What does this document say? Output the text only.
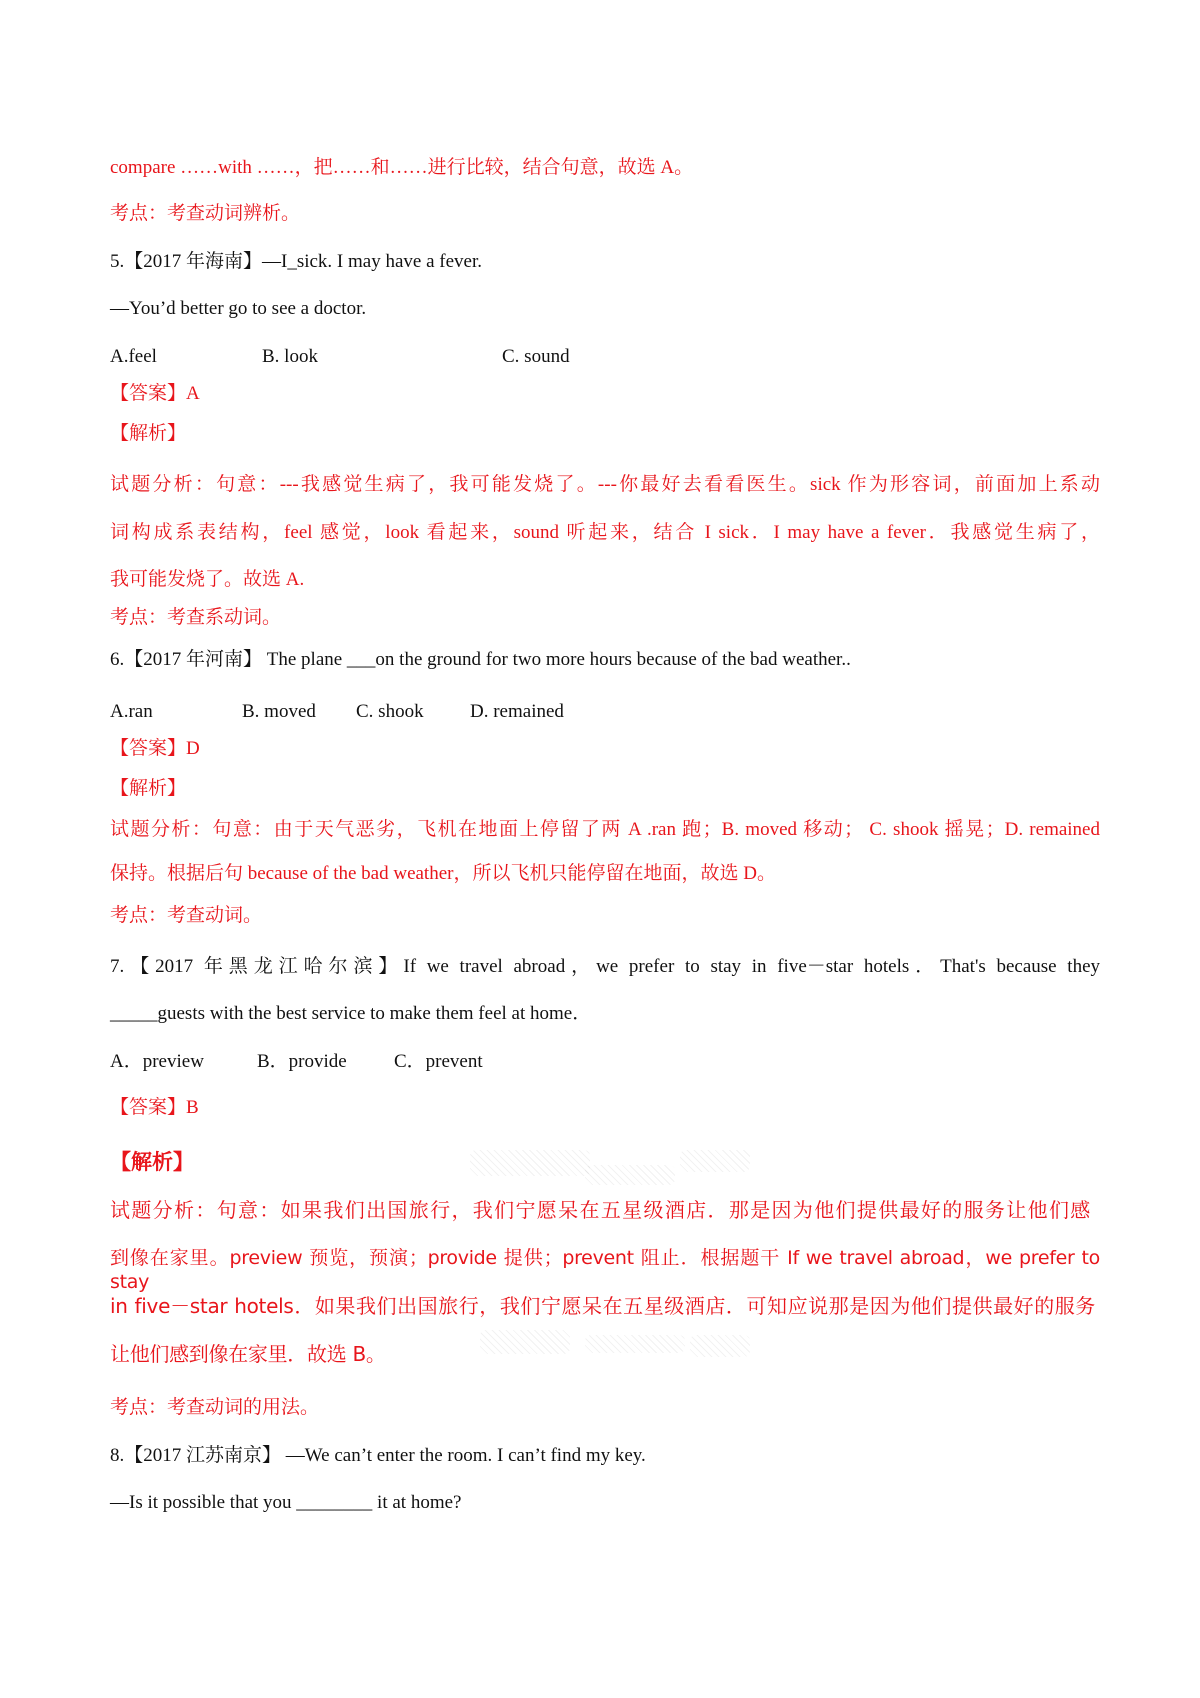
compare ……with ……，把……和……进行比较，结合句意，故选 A。
考点：考查动词辨析。
5.【2017 年海南】—I_sick. I may have a fever.
—You’d better go to see a doctor.
A.feel	B. look	C. sound
【答案】A
【解析】
试题分析：句意：---我感觉生病了，我可能发烧了。---你最好去看看医生。sick 作为形容词，前面加上系动
词构成系表结构，feel 感觉，look 看起来，sound 听起来，结合 I sick．I may have a fever．我感觉生病了，
我可能发烧了。故选 A.
考点：考查系动词。
6.【2017 年河南】 The plane ___on the ground for two more hours because of the bad weather..
A.ran	B. moved C. shook D. remained
【答案】D
【解析】
试题分析：句意：由于天气恶劣，飞机在地面上停留了两 A .ran 跑；B. moved 移动； C. shook 摇晃；D. remained
保持。根据后句 because of the bad weather，所以飞机只能停留在地面，故选 D。
考点：考查动词。
7.【2017 年黑龙江哈尔滨】If we travel abroad，we prefer to stay in five－star hotels．That's because they
_____guests with the best service to make them feel at home．
A．preview	B．provide C．prevent
【答案】B
【解析】
试题分析：句意：如果我们出国旅行，我们宁愿呆在五星级酒店．那是因为他们提供最好的服务让他们感
到像在家里。preview 预览，预演；provide 提供；prevent 阻止．根据题干 If we travel abroad，we prefer to stay
in five－star hotels．如果我们出国旅行，我们宁愿呆在五星级酒店．可知应说那是因为他们提供最好的服务
让他们感到像在家里．故选 B。
考点：考查动词的用法。
8.【2017 江苏南京】 —We can’t enter the room. I can’t find my key.
—Is it possible that you ________ it at home?
